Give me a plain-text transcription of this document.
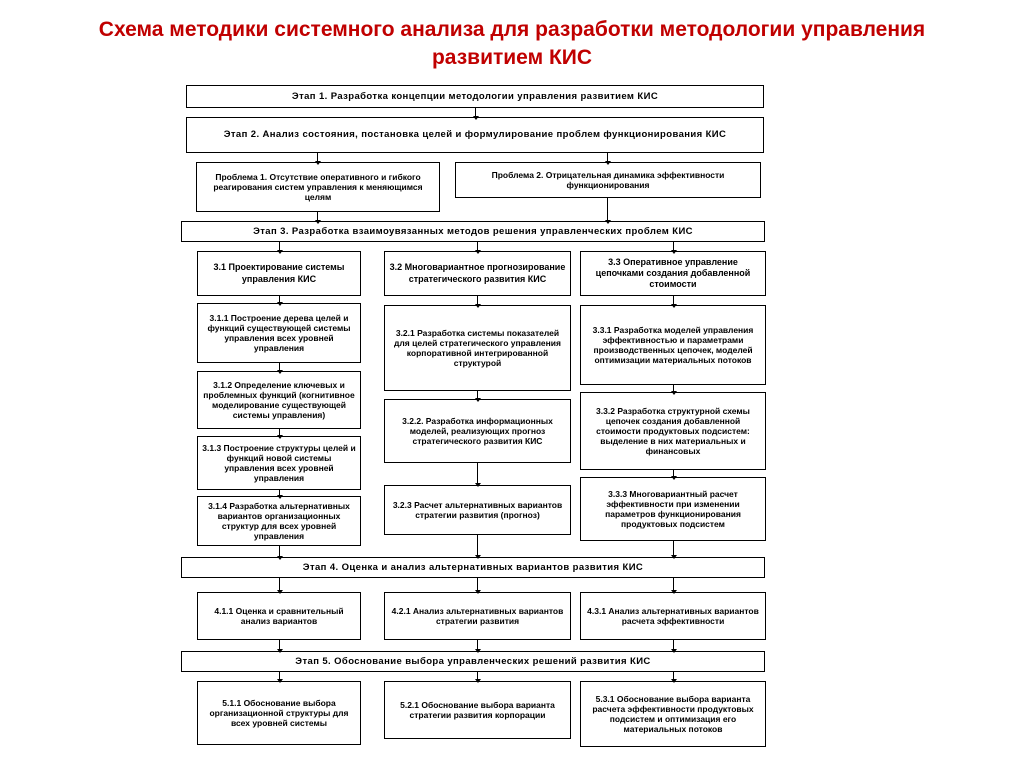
Схема методики системного анализа для разработки методологии управления развитием КИС
Этап 1. Разработка концепции методологии управления развитием КИС
Этап 2. Анализ состояния, постановка целей и формулирование проблем функционирования КИС
Проблема 1. Отсутствие оперативного и гибкого реагирования систем управления к меняющимся целям
Проблема 2. Отрицательная динамика эффективности функционирования
Этап 3. Разработка взаимоувязанных методов решения управленческих проблем КИС
3.1 Проектирование системы управления КИС
3.2 Многовариантное прогнозирование стратегического развития КИС
3.3 Оперативное управление цепочками создания добавленной стоимости
3.1.1 Построение дерева целей и функций существующей системы управления всех уровней управления
3.1.2 Определение ключевых и проблемных функций (когнитивное моделирование существующей системы управления)
3.1.3 Построение структуры целей и функций новой системы управления всех уровней управления
3.1.4 Разработка альтернативных вариантов организационных структур для всех уровней управления
3.2.1 Разработка системы показателей для целей стратегического управления корпоративной интегрированной структурой
3.2.2. Разработка информационных моделей, реализующих прогноз стратегического развития КИС
3.2.3 Расчет альтернативных вариантов стратегии развития (прогноз)
3.3.1 Разработка моделей управления эффективностью и параметрами производственных цепочек, моделей оптимизации материальных потоков
3.3.2 Разработка структурной схемы цепочек создания добавленной стоимости продуктовых подсистем: выделение в них материальных и финансовых
3.3.3 Многовариантный расчет эффективности при изменении параметров функционирования продуктовых подсистем
Этап 4. Оценка и анализ альтернативных вариантов развития КИС
4.1.1 Оценка и сравнительный анализ вариантов
4.2.1 Анализ альтернативных вариантов стратегии развития
4.3.1 Анализ альтернативных вариантов расчета эффективности
Этап 5. Обоснование выбора управленческих решений развития КИС
5.1.1 Обоснование выбора организационной структуры для всех уровней системы
5.2.1 Обоснование выбора варианта стратегии развития корпорации
5.3.1 Обоснование выбора варианта расчета эффективности продуктовых подсистем и оптимизация его материальных потоков
